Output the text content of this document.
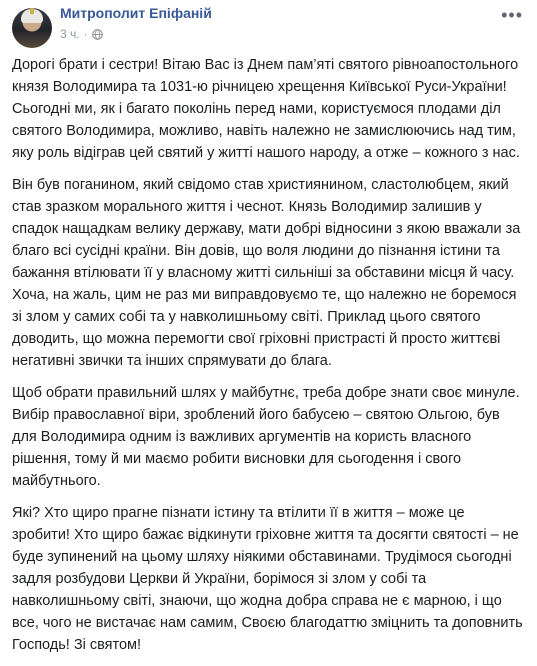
Митрополит Епіфаній
3 ч. ·
•••

Дорогі брати і сестри! Вітаю Вас із Днем пам’яті святого рівноапостольного князя Володимира та 1031-ю річницею хрещення Київської Руси-України! Сьогодні ми, як і багато поколінь перед нами, користуємося плодами діл святого Володимира, можливо, навіть належно не замислюючись над тим, яку роль відіграв цей святий у житті нашого народу, а отже – кожного з нас.

Він був поганином, який свідомо став християнином, сластолюбцем, який став зразком морального життя і чеснот. Князь Володимир залишив у спадок нащадкам велику державу, мати добрі відносини з якою вважали за благо всі сусідні країни. Він довів, що воля людини до пізнання істини та бажання втілювати її у власному житті сильніші за обставини місця й часу. Хоча, на жаль, цим не раз ми виправдовуємо те, що належно не боремося зі злом у самих собі та у навколишньому світі. Приклад цього святого доводить, що можна перемогти свої гріховні пристрасті й просто життєві негативні звички та інших спрямувати до блага.

Щоб обрати правильний шлях у майбутнє, треба добре знати своє минуле. Вибір православної віри, зроблений його бабусею – святою Ольгою, був для Володимира одним із важливих аргументів на користь власного рішення, тому й ми маємо робити висновки для сьогодення і свого майбутнього.

Які? Хто щиро прагне пізнати істину та втілити її в життя – може це зробити! Хто щиро бажає відкинути гріховне життя та досягти святості – не буде зупинений на цьому шляху ніякими обставинами. Трудімося сьогодні задля розбудови Церкви й України, борімося зі злом у собі та навколишньому світі, знаючи, що жодна добра справа не є марною, і що все, чого не вистачає нам самим, Своєю благодаттю зміцнить та доповнить Господь! Зі святом!
